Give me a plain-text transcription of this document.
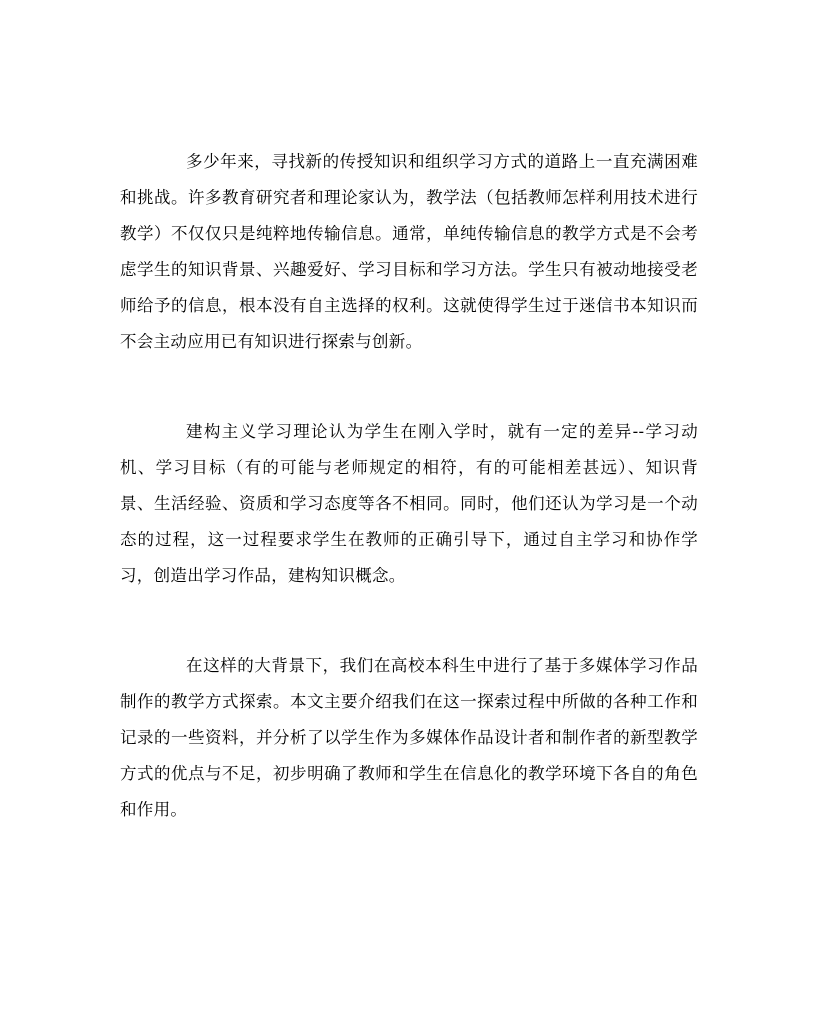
多少年来，寻找新的传授知识和组织学习方式的道路上一直充满困难和挑战。许多教育研究者和理论家认为，教学法（包括教师怎样利用技术进行教学）不仅仅只是纯粹地传输信息。通常，单纯传输信息的教学方式是不会考虑学生的知识背景、兴趣爱好、学习目标和学习方法。学生只有被动地接受老师给予的信息，根本没有自主选择的权利。这就使得学生过于迷信书本知识而不会主动应用已有知识进行探索与创新。

建构主义学习理论认为学生在刚入学时，就有一定的差异--学习动机、学习目标（有的可能与老师规定的相符，有的可能相差甚远）、知识背景、生活经验、资质和学习态度等各不相同。同时，他们还认为学习是一个动态的过程，这一过程要求学生在教师的正确引导下，通过自主学习和协作学习，创造出学习作品，建构知识概念。

在这样的大背景下，我们在高校本科生中进行了基于多媒体学习作品制作的教学方式探索。本文主要介绍我们在这一探索过程中所做的各种工作和记录的一些资料，并分析了以学生作为多媒体作品设计者和制作者的新型教学方式的优点与不足，初步明确了教师和学生在信息化的教学环境下各自的角色和作用。
